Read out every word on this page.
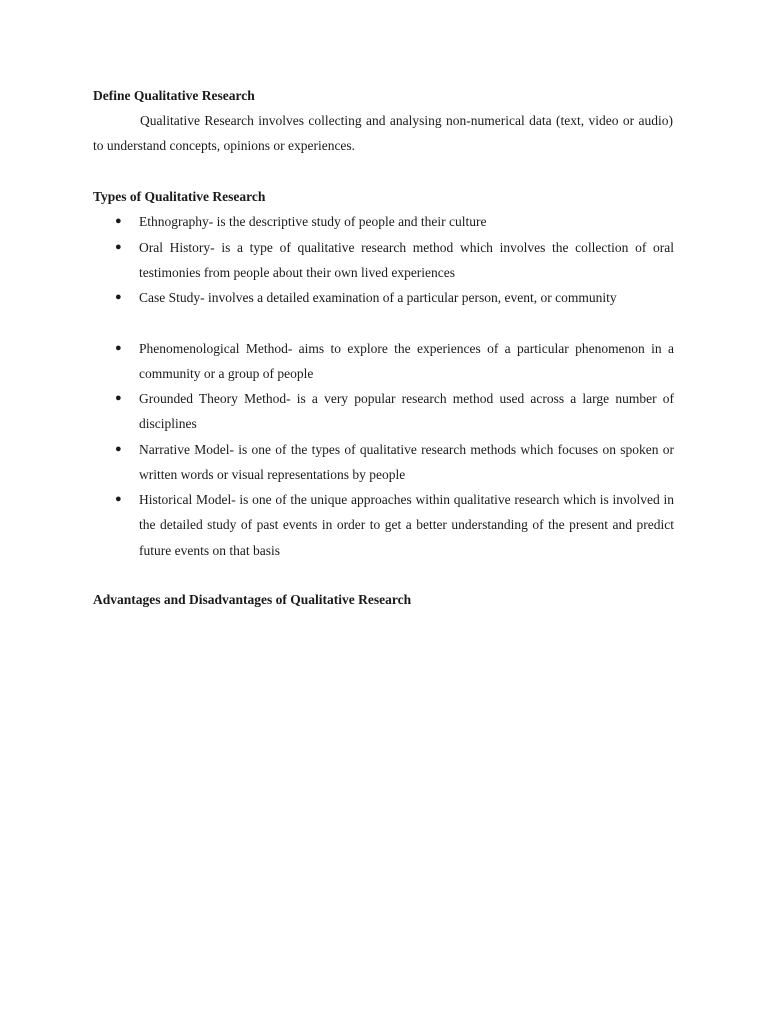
Define Qualitative Research
Qualitative Research involves collecting and analysing non-numerical data (text, video or audio) to understand concepts, opinions or experiences.
Types of Qualitative Research
●	Ethnography- is the descriptive study of people and their culture
●	Oral History- is a type of qualitative research method which involves the collection of oral testimonies from people about their own lived experiences
●	Case Study- involves a detailed examination of a particular person, event, or community
●	Phenomenological Method- aims to explore the experiences of a particular phenomenon in a community or a group of people
●	Grounded Theory Method- is a very popular research method used across a large number of disciplines
●	Narrative Model- is one of the types of qualitative research methods which focuses on spoken or written words or visual representations by people
●	Historical Model- is one of the unique approaches within qualitative research which is involved in the detailed study of past events in order to get a better understanding of the present and predict future events on that basis
Advantages and Disadvantages of Qualitative Research
